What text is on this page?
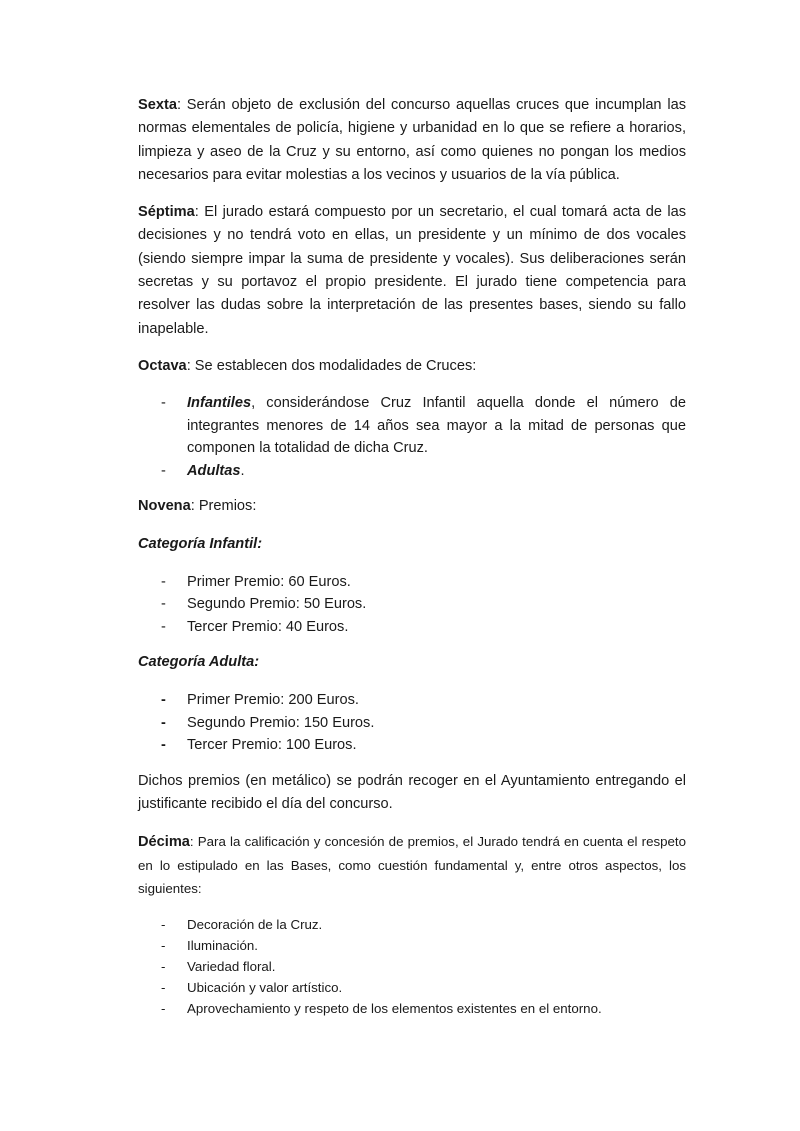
Sexta: Serán objeto de exclusión del concurso aquellas cruces que incumplan las normas elementales de policía, higiene y urbanidad en lo que se refiere a horarios, limpieza y aseo de la Cruz y su entorno, así como quienes no pongan los medios necesarios para evitar molestias a los vecinos y usuarios de la vía pública.

Séptima: El jurado estará compuesto por un secretario, el cual tomará acta de las decisiones y no tendrá voto en ellas, un presidente y un mínimo de dos vocales (siendo siempre impar la suma de presidente y vocales). Sus deliberaciones serán secretas y su portavoz el propio presidente. El jurado tiene competencia para resolver las dudas sobre la interpretación de las presentes bases, siendo su fallo inapelable.

Octava: Se establecen dos modalidades de Cruces:

- Infantiles, considerándose Cruz Infantil aquella donde el número de integrantes menores de 14 años sea mayor a la mitad de personas que componen la totalidad de dicha Cruz.
- Adultas.

Novena: Premios:

Categoría Infantil:

- Primer Premio: 60 Euros.
- Segundo Premio: 50 Euros.
- Tercer Premio: 40 Euros.

Categoría Adulta:

- Primer Premio: 200 Euros.
- Segundo Premio: 150 Euros.
- Tercer Premio: 100 Euros.

Dichos premios (en metálico) se podrán recoger en el Ayuntamiento entregando el justificante recibido el día del concurso.

Décima: Para la calificación y concesión de premios, el Jurado tendrá en cuenta el respeto en lo estipulado en las Bases, como cuestión fundamental y, entre otros aspectos, los siguientes:

- Decoración de la Cruz.
- Iluminación.
- Variedad floral.
- Ubicación y valor artístico.
- Aprovechamiento y respeto de los elementos existentes en el entorno.
